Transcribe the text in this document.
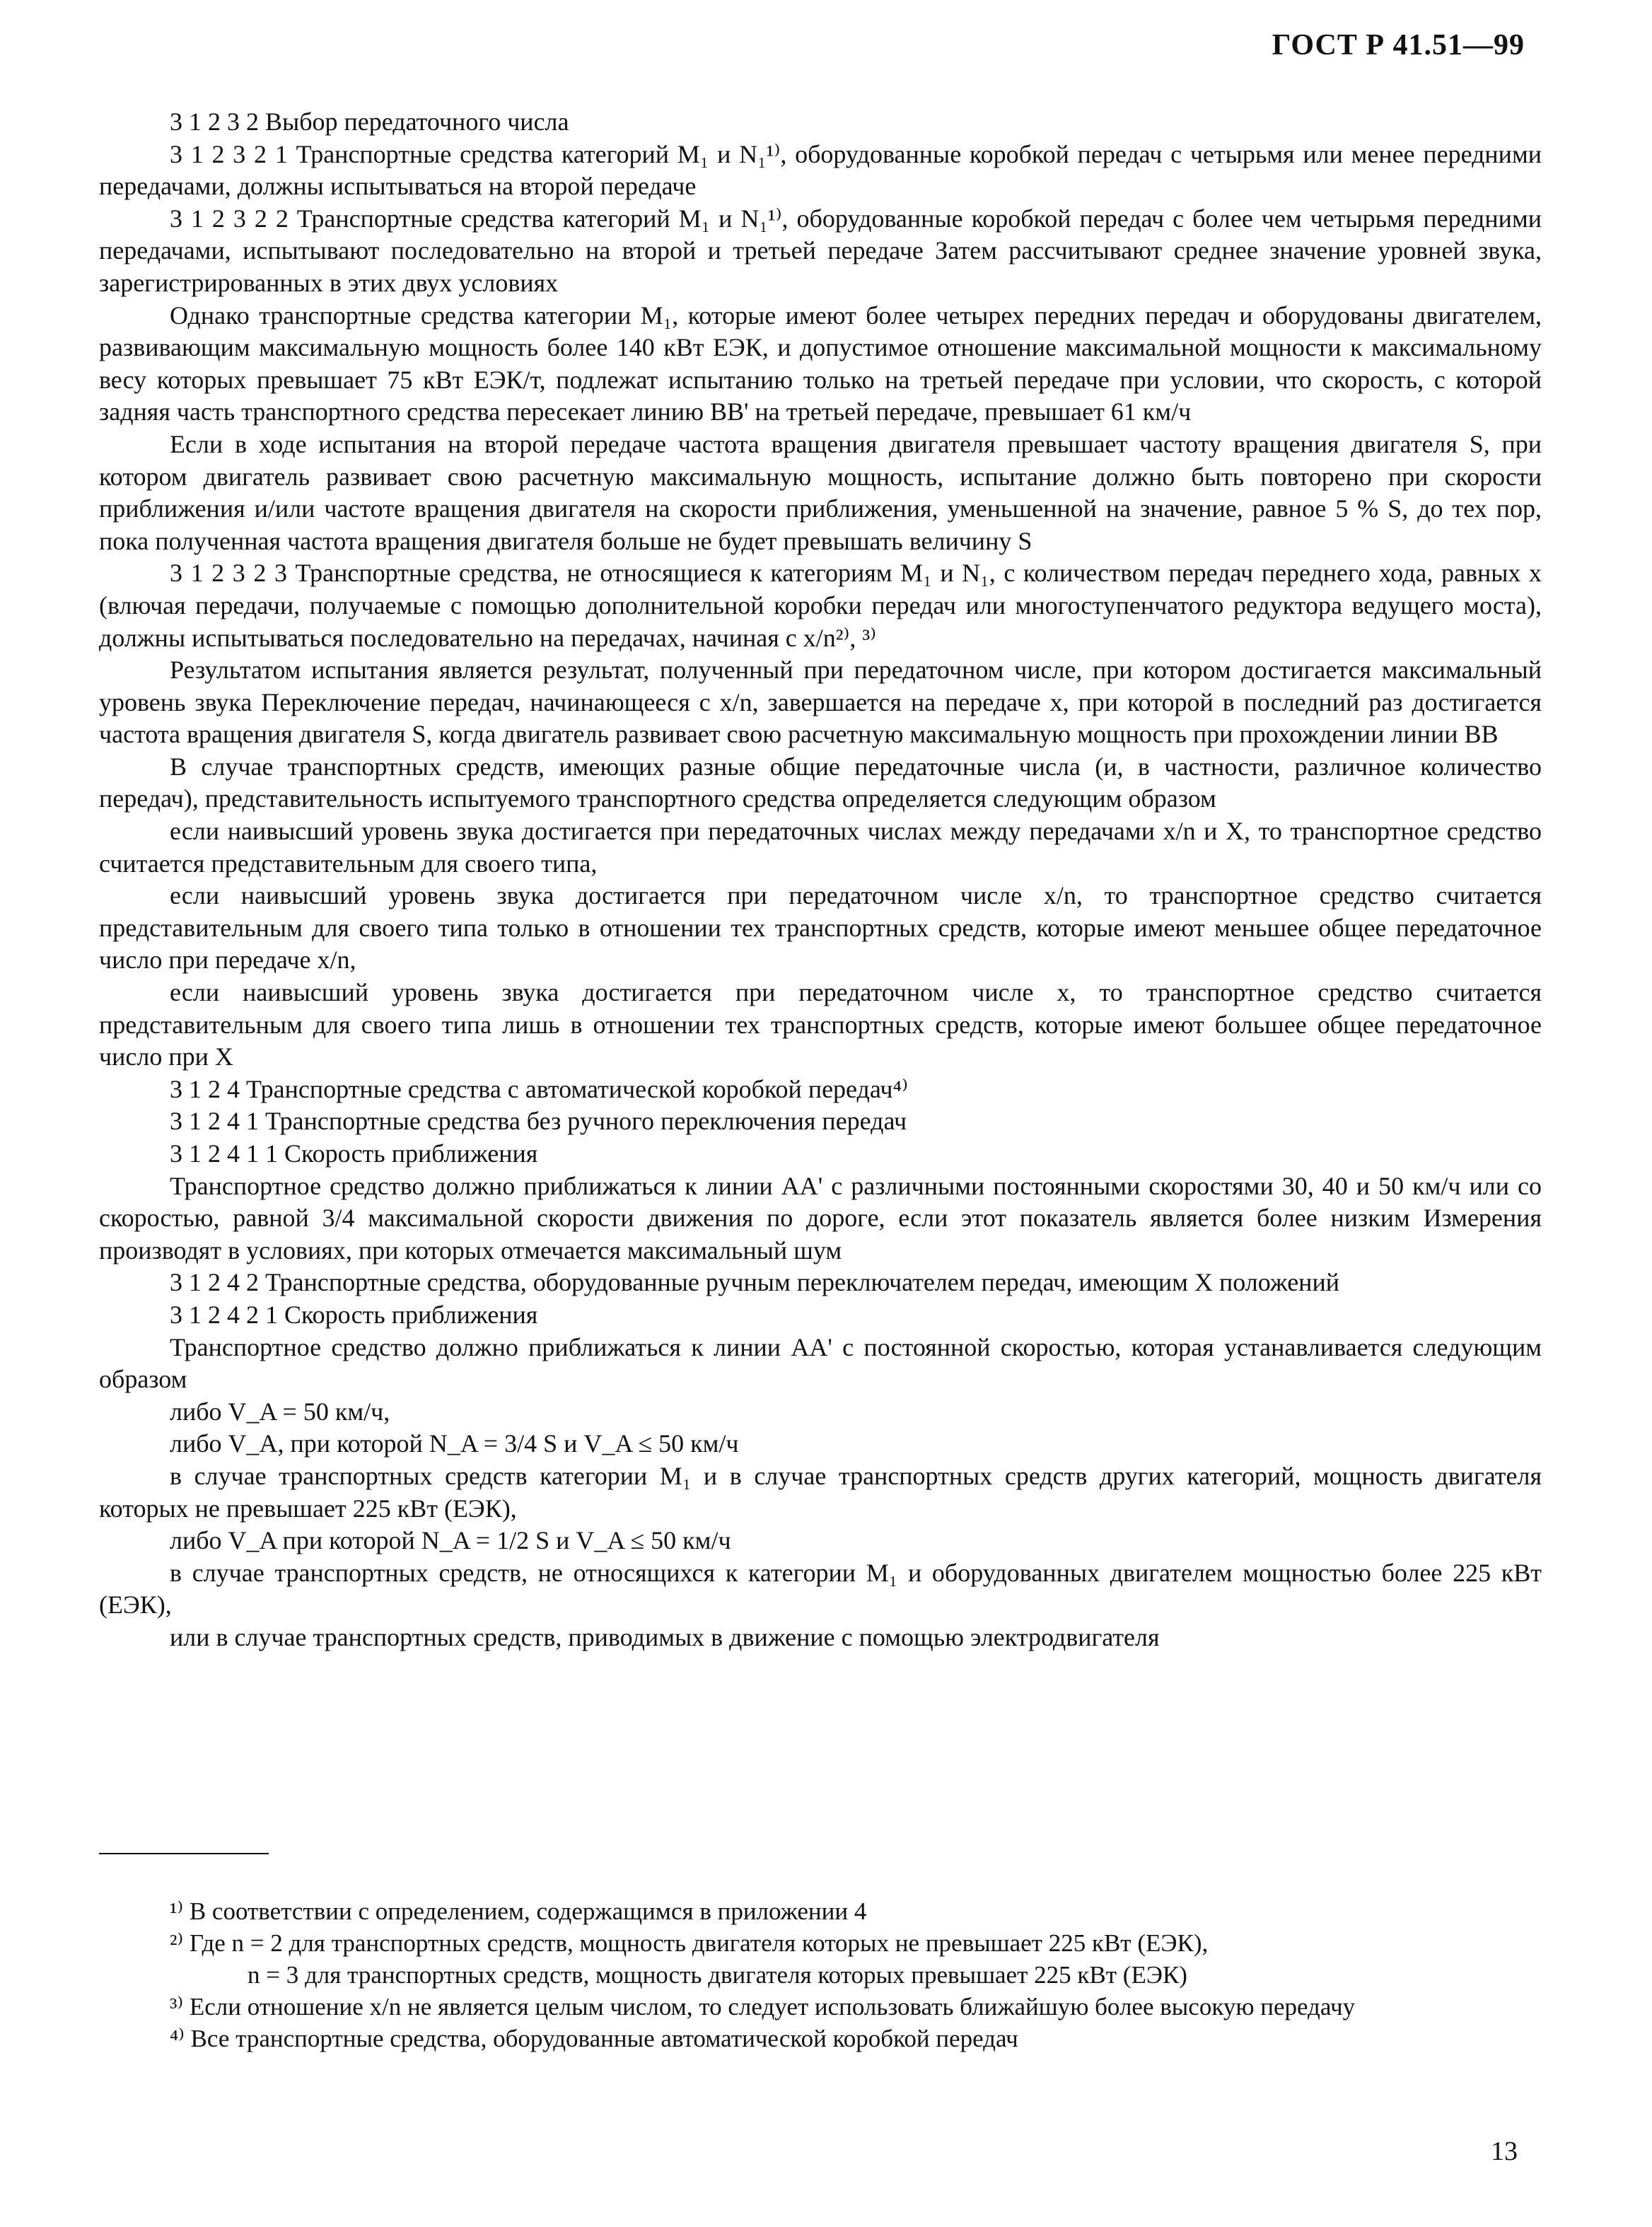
ГОСТ Р 41.51—99

3 1 2 3 2 Выбор передаточного числа

3 1 2 3 2 1 Транспортные средства категорий M₁ и N₁¹⁾, оборудованные коробкой передач с четырьмя или менее передними передачами, должны испытываться на второй передаче

3 1 2 3 2 2 Транспортные средства категорий M₁ и N₁¹⁾, оборудованные коробкой передач с более чем четырьмя передними передачами, испытывают последовательно на второй и третьей передаче Затем рассчитывают среднее значение уровней звука, зарегистрированных в этих двух условиях

Однако транспортные средства категории M₁, которые имеют более четырех передних передач и оборудованы двигателем, развивающим максимальную мощность более 140 кВт ЕЭК, и допустимое отношение максимальной мощности к максимальному весу которых превышает 75 кВт ЕЭК/т, подлежат испытанию только на третьей передаче при условии, что скорость, с которой задняя часть транспортного средства пересекает линию BB' на третьей передаче, превышает 61 км/ч

Если в ходе испытания на второй передаче частота вращения двигателя превышает частоту вращения двигателя S, при котором двигатель развивает свою расчетную максимальную мощность, испытание должно быть повторено при скорости приближения и/или частоте вращения двигателя на скорости приближения, уменьшенной на значение, равное 5 % S, до тех пор, пока полученная частота вращения двигателя больше не будет превышать величину S

3 1 2 3 2 3 Транспортные средства, не относящиеся к категориям M₁ и N₁, с количеством передач переднего хода, равных x (влючая передачи, получаемые с помощью дополнительной коробки передач или многоступенчатого редуктора ведущего моста), должны испытываться последовательно на передачах, начиная с x/n²⁾, ³⁾

Результатом испытания является результат, полученный при передаточном числе, при котором достигается максимальный уровень звука Переключение передач, начинающееся с x/n, завершается на передаче x, при которой в последний раз достигается частота вращения двигателя S, когда двигатель развивает свою расчетную максимальную мощность при прохождении линии BB

В случае транспортных средств, имеющих разные общие передаточные числа (и, в частности, различное количество передач), представительность испытуемого транспортного средства определяется следующим образом

если наивысший уровень звука достигается при передаточных числах между передачами x/n и X, то транспортное средство считается представительным для своего типа,

если наивысший уровень звука достигается при передаточном числе x/n, то транспортное средство считается представительным для своего типа только в отношении тех транспортных средств, которые имеют меньшее общее передаточное число при передаче x/n,

если наивысший уровень звука достигается при передаточном числе x, то транспортное средство считается представительным для своего типа лишь в отношении тех транспортных средств, которые имеют большее общее передаточное число при X

3 1 2 4 Транспортные средства с автоматической коробкой передач⁴⁾

3 1 2 4 1 Транспортные средства без ручного переключения передач

3 1 2 4 1 1 Скорость приближения

Транспортное средство должно приближаться к линии AA' с различными постоянными скоростями 30, 40 и 50 км/ч или со скоростью, равной 3/4 максимальной скорости движения по дороге, если этот показатель является более низким Измерения производят в условиях, при которых отмечается максимальный шум

3 1 2 4 2 Транспортные средства, оборудованные ручным переключателем передач, имеющим X положений

3 1 2 4 2 1 Скорость приближения

Транспортное средство должно приближаться к линии AA' с постоянной скоростью, которая устанавливается следующим образом

либо V_A = 50 км/ч,

либо V_A, при которой N_A = 3/4 S и V_A ≤ 50 км/ч

в случае транспортных средств категории M₁ и в случае транспортных средств других категорий, мощность двигателя которых не превышает 225 кВт (ЕЭК),

либо V_A при которой N_A = 1/2 S и V_A ≤ 50 км/ч

в случае транспортных средств, не относящихся к категории M₁ и оборудованных двигателем мощностью более 225 кВт (ЕЭК),

или в случае транспортных средств, приводимых в движение с помощью электродвигателя

¹⁾ В соответствии с определением, содержащимся в приложении 4

²⁾ Где n = 2 для транспортных средств, мощность двигателя которых не превышает 225 кВт (ЕЭК),

n = 3 для транспортных средств, мощность двигателя которых превышает 225 кВт (ЕЭК)

³⁾ Если отношение x/n не является целым числом, то следует использовать ближайшую более высокую передачу

⁴⁾ Все транспортные средства, оборудованные автоматической коробкой передач

13
